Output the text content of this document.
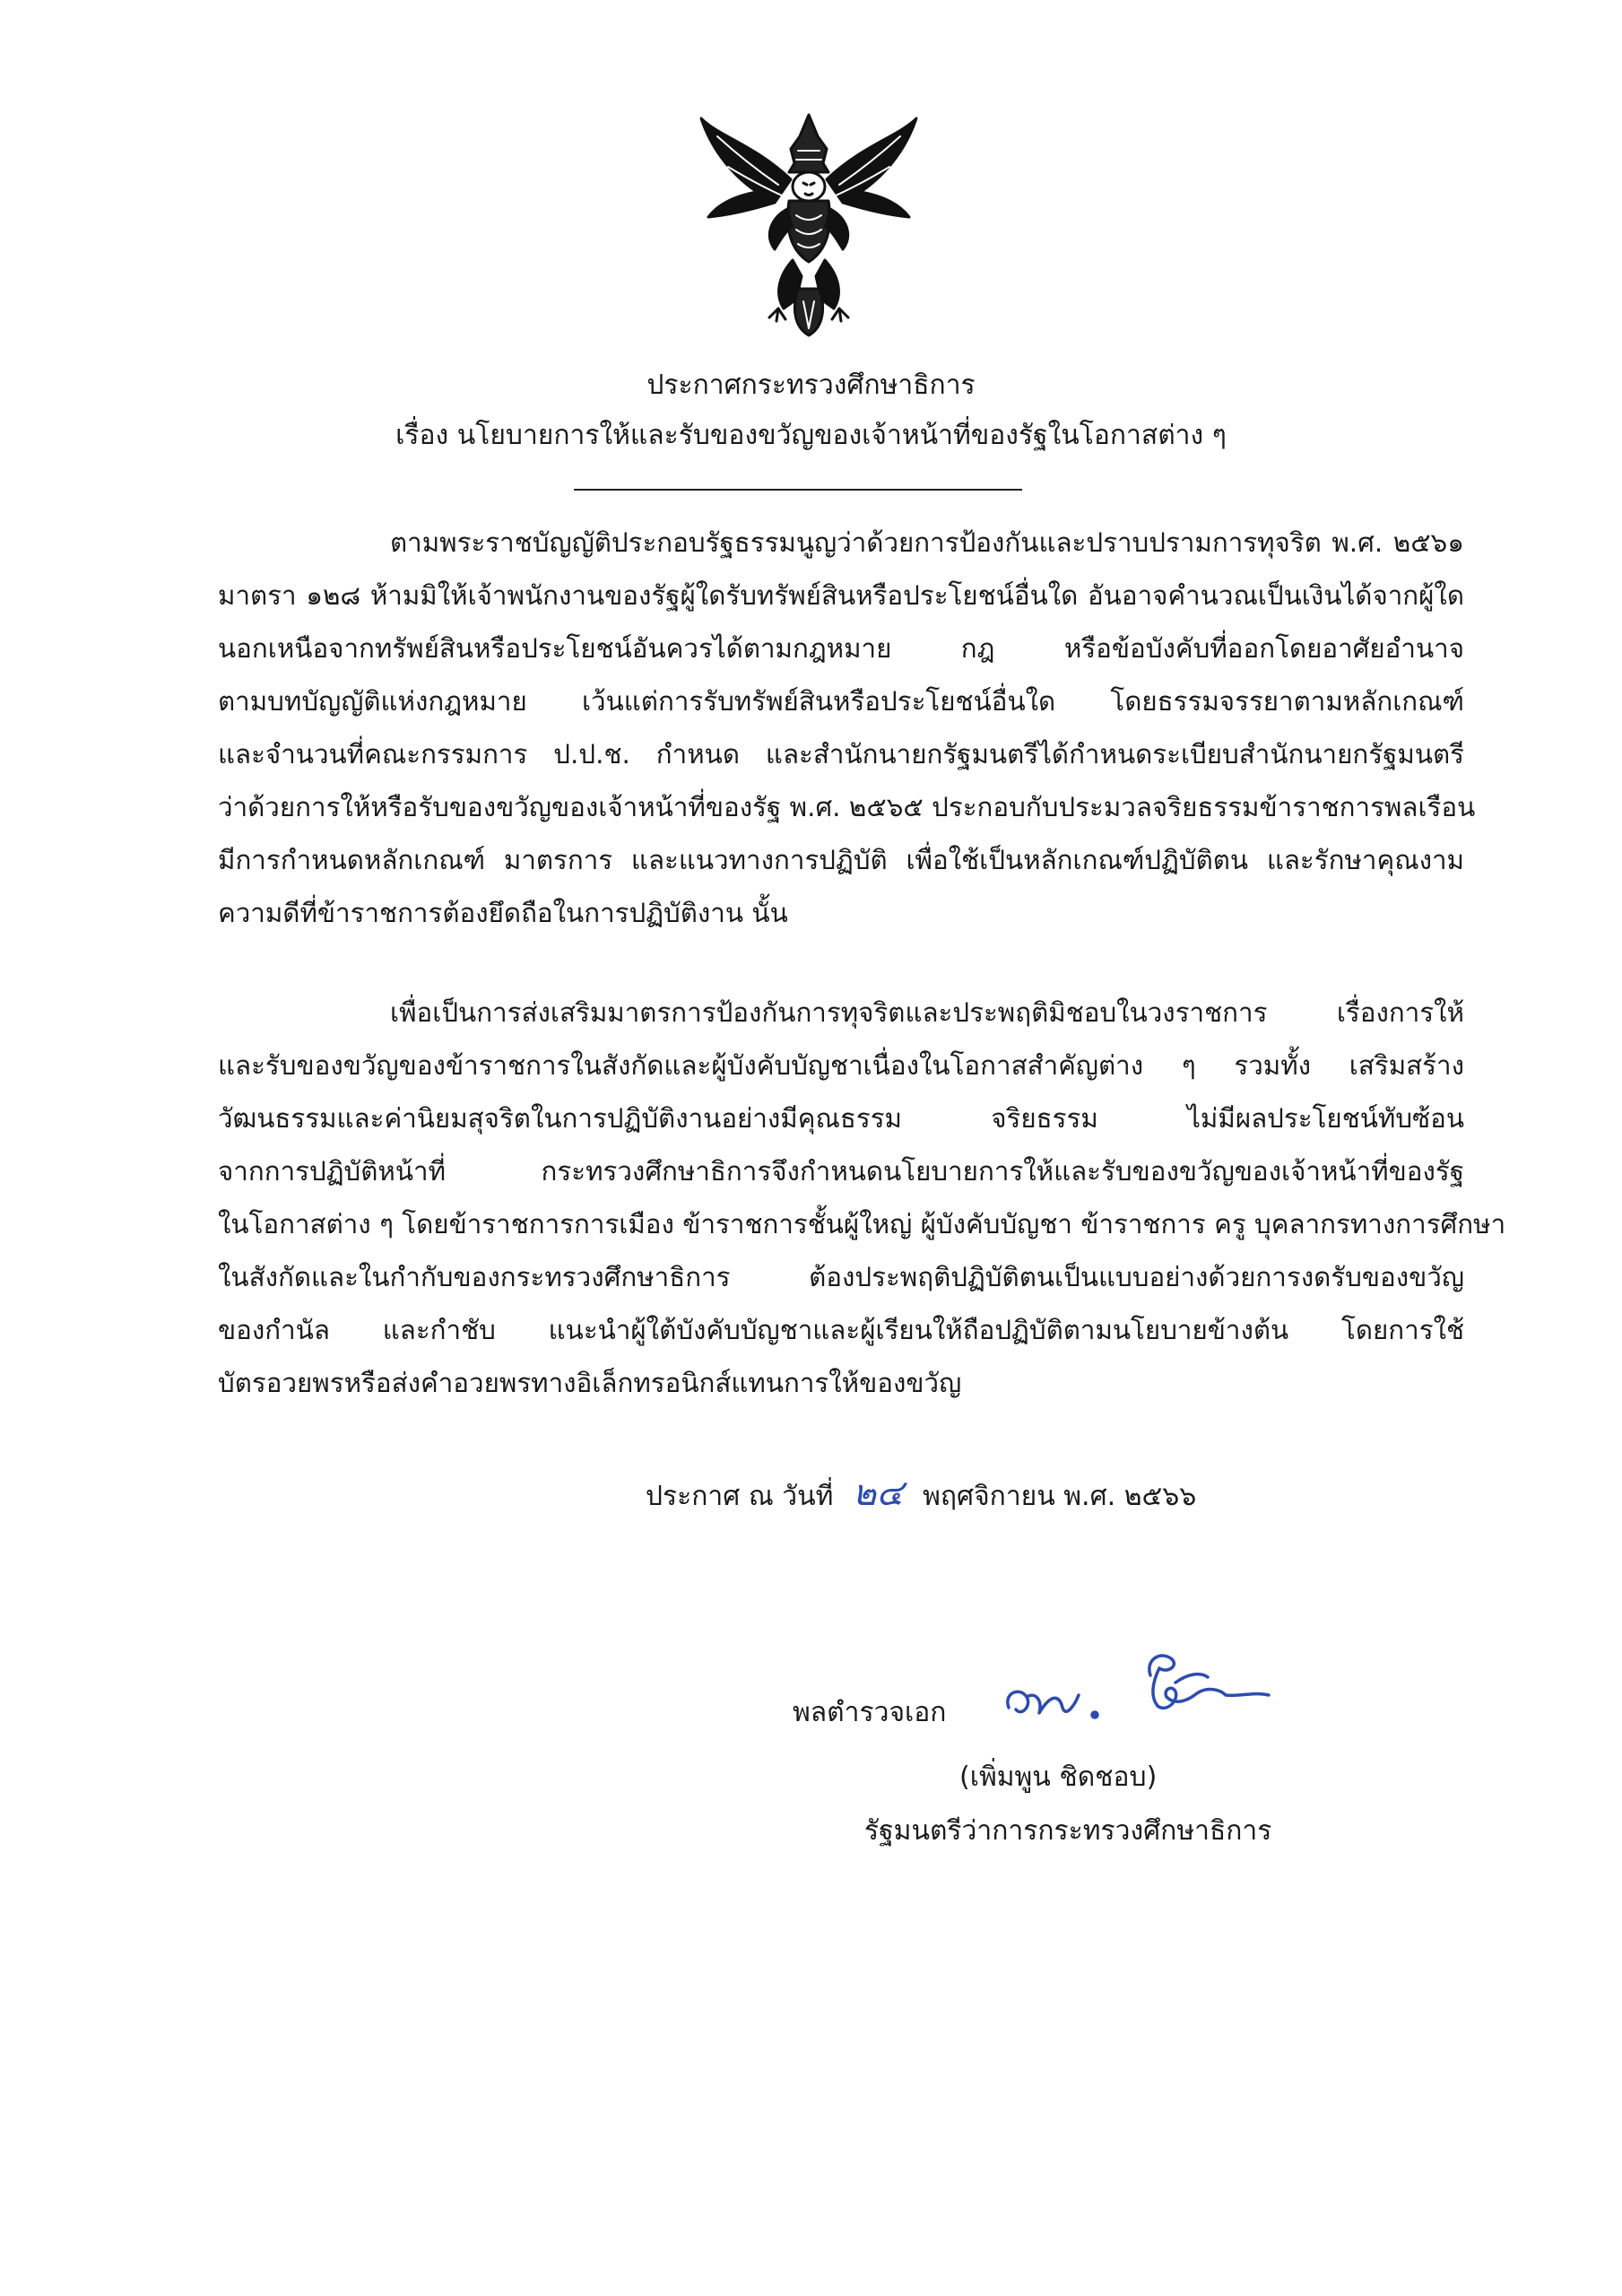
ประกาศกระทรวงศึกษาธิการ
เรื่อง นโยบายการให้และรับของขวัญของเจ้าหน้าที่ของรัฐในโอกาสต่าง ๆ
ตามพระราชบัญญัติประกอบรัฐธรรมนูญว่าด้วยการป้องกันและปราบปรามการทุจริต พ.ศ. ๒๕๖๑
มาตรา ๑๒๘ ห้ามมิให้เจ้าพนักงานของรัฐผู้ใดรับทรัพย์สินหรือประโยชน์อื่นใด อันอาจคำนวณเป็นเงินได้จากผู้ใด
นอกเหนือจากทรัพย์สินหรือประโยชน์อันควรได้ตามกฎหมาย กฎ หรือข้อบังคับที่ออกโดยอาศัยอำนาจ
ตามบทบัญญัติแห่งกฎหมาย เว้นแต่การรับทรัพย์สินหรือประโยชน์อื่นใด โดยธรรมจรรยาตามหลักเกณฑ์
และจำนวนที่คณะกรรมการ ป.ป.ช. กำหนด และสำนักนายกรัฐมนตรีได้กำหนดระเบียบสำนักนายกรัฐมนตรี
ว่าด้วยการให้หรือรับของขวัญของเจ้าหน้าที่ของรัฐ พ.ศ. ๒๕๖๕ ประกอบกับประมวลจริยธรรมข้าราชการพลเรือน
มีการกำหนดหลักเกณฑ์ มาตรการ และแนวทางการปฏิบัติ เพื่อใช้เป็นหลักเกณฑ์ปฏิบัติตน และรักษาคุณงาม
ความดีที่ข้าราชการต้องยึดถือในการปฏิบัติงาน นั้น
เพื่อเป็นการส่งเสริมมาตรการป้องกันการทุจริตและประพฤติมิชอบในวงราชการ เรื่องการให้
และรับของขวัญของข้าราชการในสังกัดและผู้บังคับบัญชาเนื่องในโอกาสสำคัญต่าง ๆ รวมทั้ง เสริมสร้าง
วัฒนธรรมและค่านิยมสุจริตในการปฏิบัติงานอย่างมีคุณธรรม จริยธรรม ไม่มีผลประโยชน์ทับซ้อน
จากการปฏิบัติหน้าที่ กระทรวงศึกษาธิการจึงกำหนดนโยบายการให้และรับของขวัญของเจ้าหน้าที่ของรัฐ
ในโอกาสต่าง ๆ โดยข้าราชการการเมือง ข้าราชการชั้นผู้ใหญ่ ผู้บังคับบัญชา ข้าราชการ ครู บุคลากรทางการศึกษา
ในสังกัดและในกำกับของกระทรวงศึกษาธิการ ต้องประพฤติปฏิบัติตนเป็นแบบอย่างด้วยการงดรับของขวัญ
ของกำนัล และกำชับ แนะนำผู้ใต้บังคับบัญชาและผู้เรียนให้ถือปฏิบัติตามนโยบายข้างต้น โดยการใช้
บัตรอวยพรหรือส่งคำอวยพรทางอิเล็กทรอนิกส์แทนการให้ของขวัญ
ประกาศ ณ วันที่ ๒๔ พฤศจิกายน พ.ศ. ๒๕๖๖
พลตำรวจเอก
(เพิ่มพูน ชิดชอบ)
รัฐมนตรีว่าการกระทรวงศึกษาธิการ
